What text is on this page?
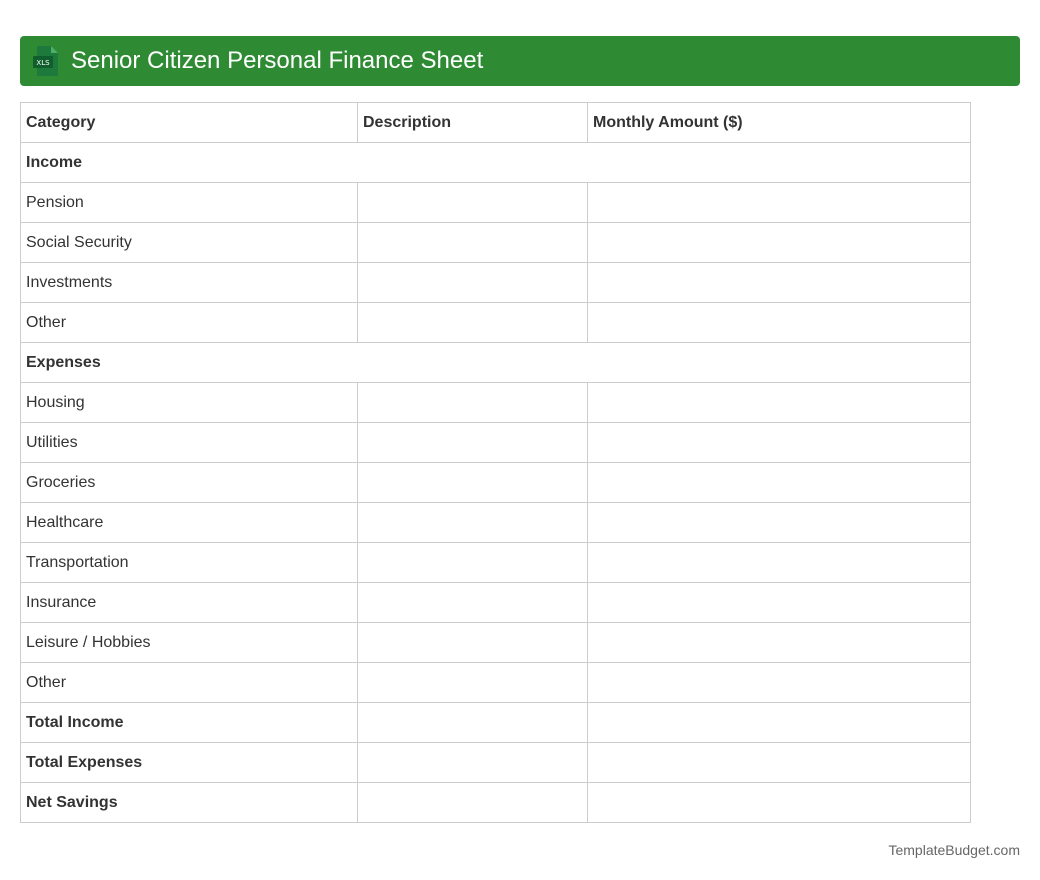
XLS Senior Citizen Personal Finance Sheet
Category	Description	Monthly Amount ($)
Income		
Pension		
Social Security		
Investments		
Other		
Expenses		
Housing		
Utilities		
Groceries		
Healthcare		
Transportation		
Insurance		
Leisure / Hobbies		
Other		
Total Income		
Total Expenses		
Net Savings		
TemplateBudget.com
